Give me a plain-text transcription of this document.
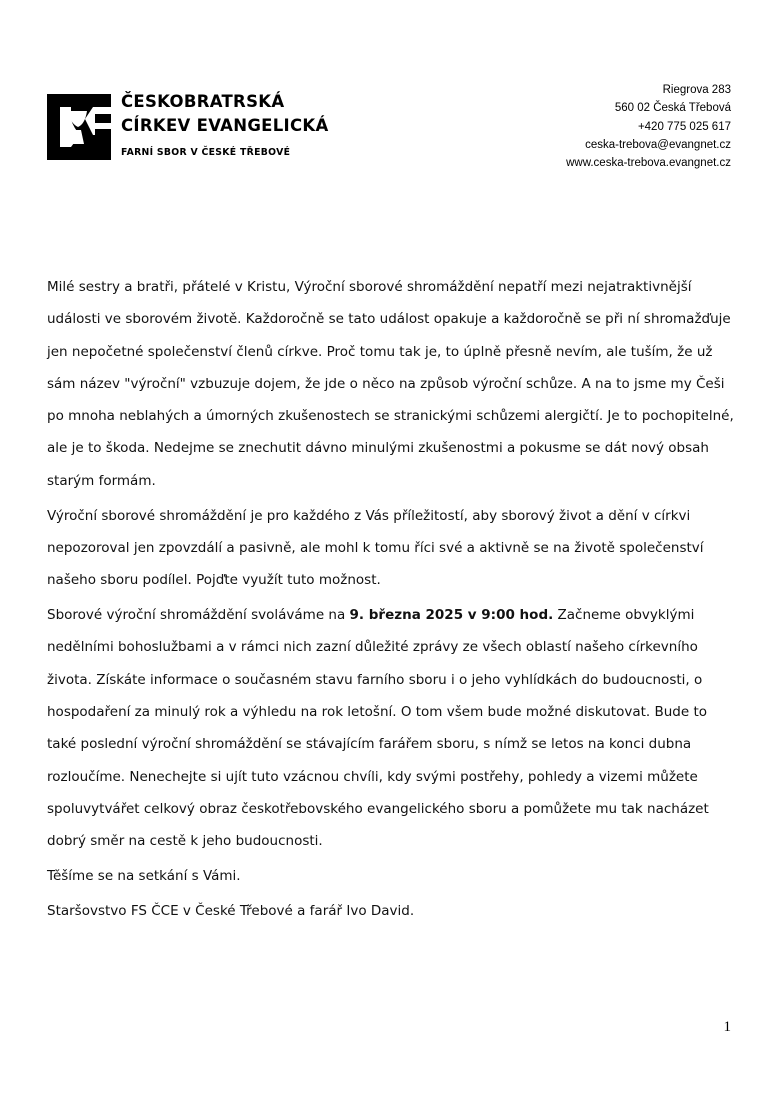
ČESKOBRATRSKÁ
CÍRKEV EVANGELICKÁ
FARNÍ SBOR V ČESKÉ TŘEBOVÉ
Riegrova 283
560 02 Česká Třebová
+420 775 025 617
ceska-trebova@evangnet.cz
www.ceska-trebova.evangnet.cz

Milé sestry a bratři, přátelé v Kristu, Výroční sborové shromáždění nepatří mezi nejatraktivnější události ve sborovém životě. Každoročně se tato událost opakuje a každoročně se při ní shromažďuje jen nepočetné společenství členů církve. Proč tomu tak je, to úplně přesně nevím, ale tuším, že už sám název "výroční" vzbuzuje dojem, že jde o něco na způsob výroční schůze. A na to jsme my Češi po mnoha neblahých a úmorných zkušenostech se stranickými schůzemi alergičtí. Je to pochopitelné, ale je to škoda. Nedejme se znechutit dávno minulými zkušenostmi a pokusme se dát nový obsah starým formám.

Výroční sborové shromáždění je pro každého z Vás příležitostí, aby sborový život a dění v církvi nepozoroval jen zpovzdálí a pasivně, ale mohl k tomu říci své a aktivně se na životě společenství našeho sboru podílel. Pojďte využít tuto možnost.

Sborové výroční shromáždění svoláváme na 9. března 2025 v 9:00 hod. Začneme obvyklými nedělními bohoslužbami a v rámci nich zazní důležité zprávy ze všech oblastí našeho církevního života. Získáte informace o současném stavu farního sboru i o jeho vyhlídkách do budoucnosti, o hospodaření za minulý rok a výhledu na rok letošní. O tom všem bude možné diskutovat. Bude to také poslední výroční shromáždění se stávajícím farářem sboru, s nímž se letos na konci dubna rozloučíme. Nenechejte si ujít tuto vzácnou chvíli, kdy svými postřehy, pohledy a vizemi můžete spoluvytvářet celkový obraz českotřebovského evangelického sboru a pomůžete mu tak nacházet dobrý směr na cestě k jeho budoucnosti.

Těšíme se na setkání s Vámi.

Staršovstvo FS ČCE v České Třebové a farář Ivo David.

1
